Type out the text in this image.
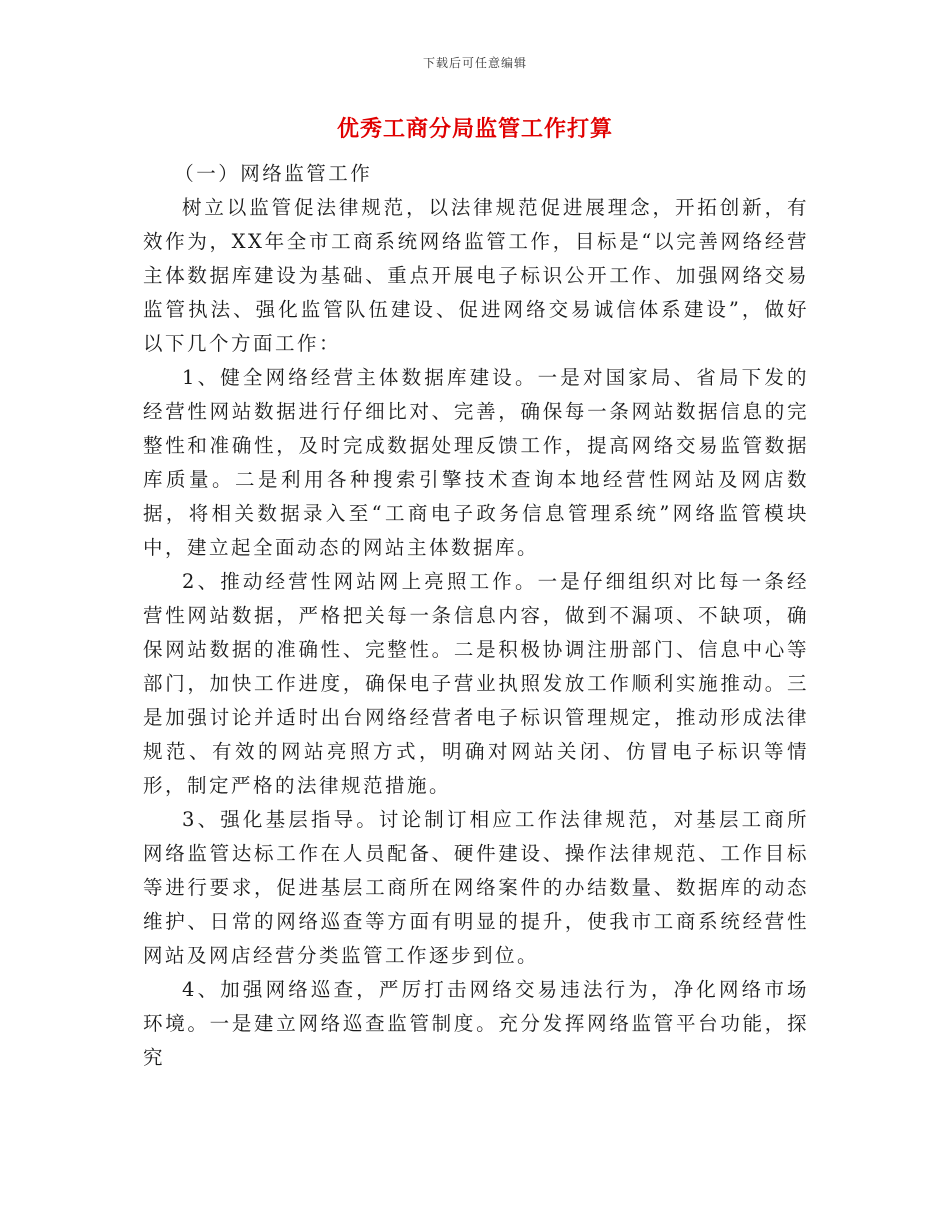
下载后可任意编辑
优秀工商分局监管工作打算

（一）网络监管工作

树立以监管促法律规范，以法律规范促进展理念，开拓创新，有效作为，XX年全市工商系统网络监管工作，目标是“以完善网络经营主体数据库建设为基础、重点开展电子标识公开工作、加强网络交易监管执法、强化监管队伍建设、促进网络交易诚信体系建设”，做好以下几个方面工作：

1、健全网络经营主体数据库建设。一是对国家局、省局下发的经营性网站数据进行仔细比对、完善，确保每一条网站数据信息的完整性和准确性，及时完成数据处理反馈工作，提高网络交易监管数据库质量。二是利用各种搜索引擎技术查询本地经营性网站及网店数据，将相关数据录入至“工商电子政务信息管理系统”网络监管模块中，建立起全面动态的网站主体数据库。

2、推动经营性网站网上亮照工作。一是仔细组织对比每一条经营性网站数据，严格把关每一条信息内容，做到不漏项、不缺项，确保网站数据的准确性、完整性。二是积极协调注册部门、信息中心等部门，加快工作进度，确保电子营业执照发放工作顺利实施推动。三是加强讨论并适时出台网络经营者电子标识管理规定，推动形成法律规范、有效的网站亮照方式，明确对网站关闭、仿冒电子标识等情形，制定严格的法律规范措施。

3、强化基层指导。讨论制订相应工作法律规范，对基层工商所网络监管达标工作在人员配备、硬件建设、操作法律规范、工作目标等进行要求，促进基层工商所在网络案件的办结数量、数据库的动态维护、日常的网络巡查等方面有明显的提升，使我市工商系统经营性网站及网店经营分类监管工作逐步到位。

4、加强网络巡查，严厉打击网络交易违法行为，净化网络市场环境。一是建立网络巡查监管制度。充分发挥网络监管平台功能，探究
